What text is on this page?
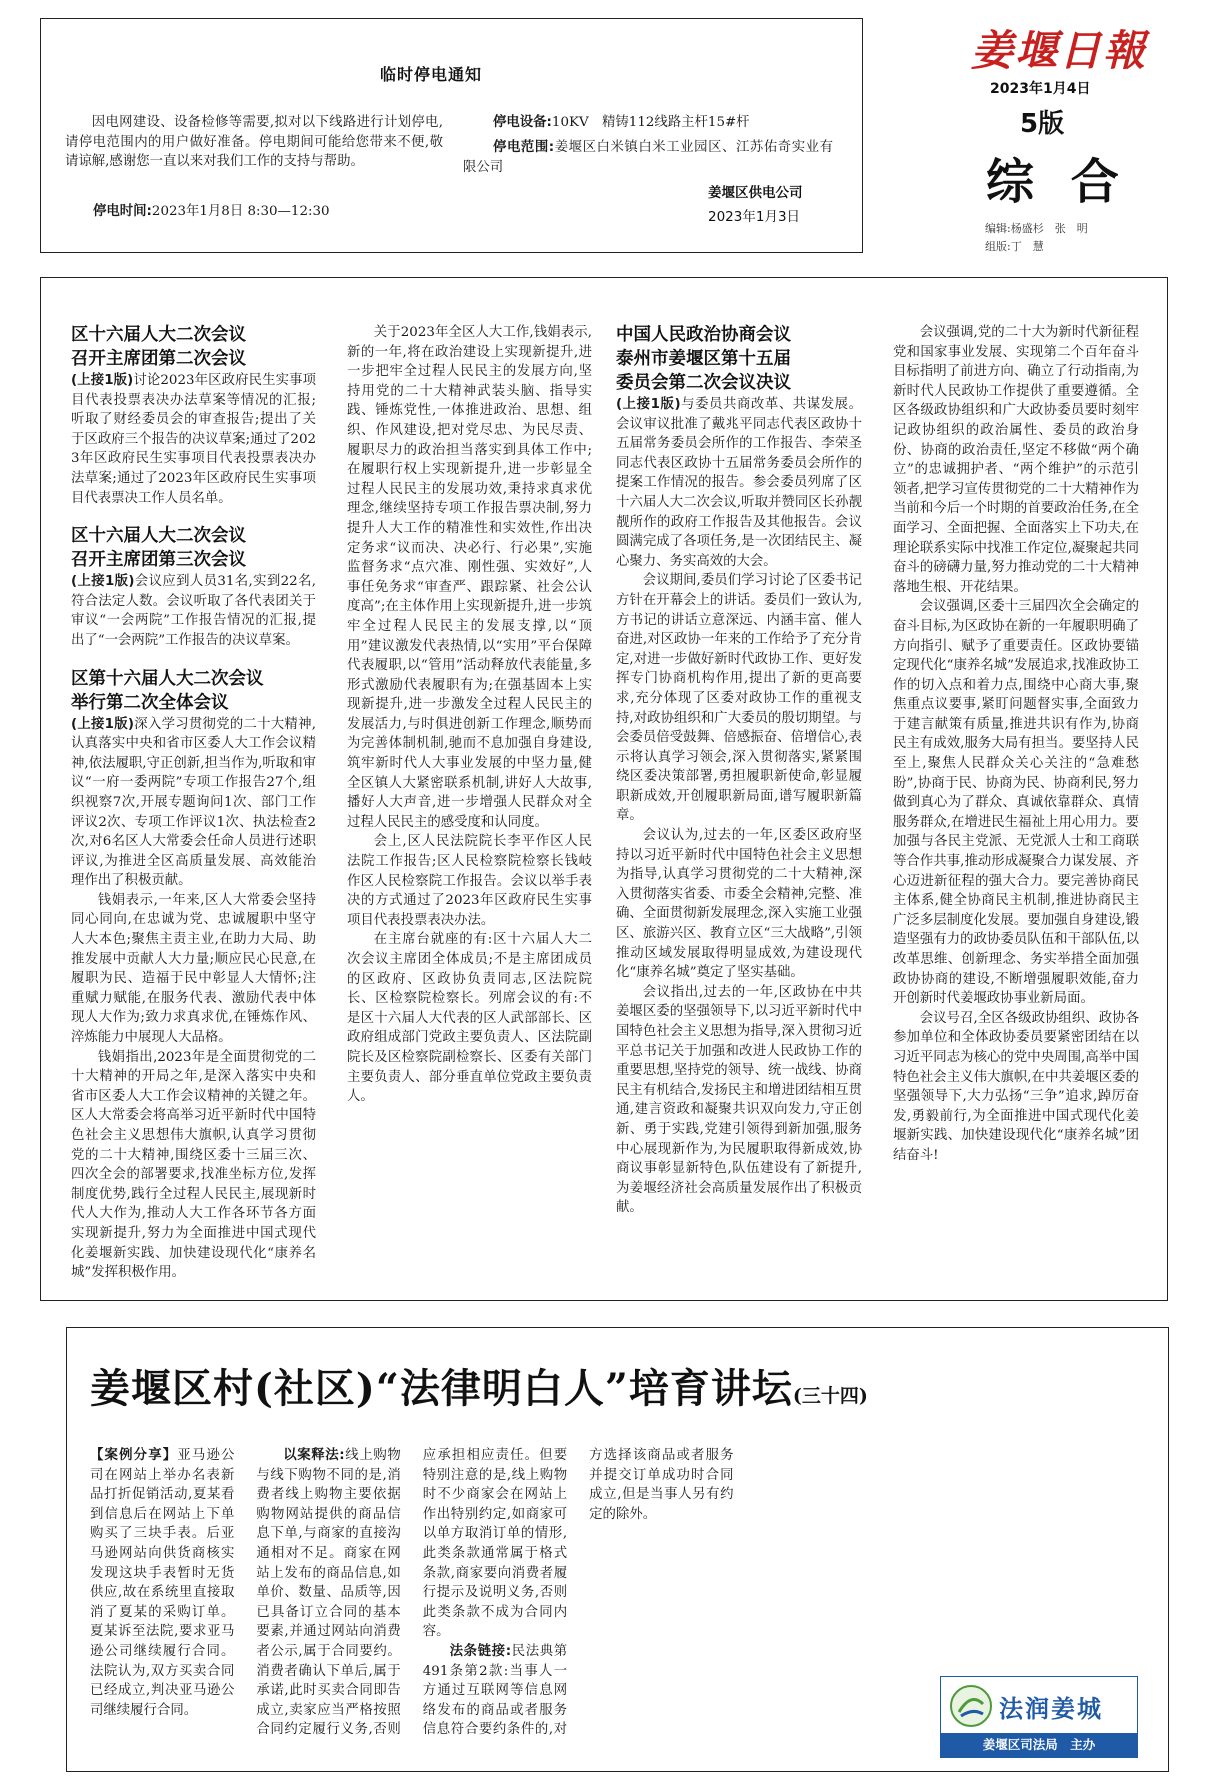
临时停电通知
因电网建设、设备检修等需要,拟对以下线路进行计划停电,请停电范围内的用户做好准备。停电期间可能给您带来不便,敬请谅解,感谢您一直以来对我们工作的支持与帮助。
停电时间:2023年1月8日 8:30—12:30
停电设备:10KV　精铸112线路主杆15#杆
停电范围:姜堰区白米镇白米工业园区、江苏佑奇实业有限公司
姜堰区供电公司
2023年1月3日
姜堰日報
2023年1月4日
5版
综 合
编辑:杨盛杉　张　明
组版:丁　慧
区十六届人大二次会议
召开主席团第二次会议
(上接1版)讨论2023年区政府民生实事项目代表投票表决办法草案等情况的汇报;听取了财经委员会的审查报告;提出了关于区政府三个报告的决议草案;通过了2023年区政府民生实事项目代表投票表决办法草案;通过了2023年区政府民生实事项目代表票决工作人员名单。
区十六届人大二次会议
召开主席团第三次会议
(上接1版)会议应到人员31名,实到22名,符合法定人数。会议听取了各代表团关于审议“一会两院”工作报告情况的汇报,提出了“一会两院”工作报告的决议草案。
区第十六届人大二次会议
举行第二次全体会议
(上接1版)深入学习贯彻党的二十大精神,认真落实中央和省市区委人大工作会议精神,依法履职,守正创新,担当作为,听取和审议“一府一委两院”专项工作报告27个,组织视察7次,开展专题询问1次、部门工作评议2次、专项工作评议1次、执法检查2次,对6名区人大常委会任命人员进行述职评议,为推进全区高质量发展、高效能治理作出了积极贡献。
钱娟表示,一年来,区人大常委会坚持同心同向,在忠诚为党、忠诚履职中坚守人大本色;聚焦主责主业,在助力大局、助推发展中贡献人大力量;顺应民心民意,在履职为民、造福于民中彰显人大情怀;注重赋力赋能,在服务代表、激励代表中体现人大作为;致力求真求优,在锤炼作风、淬炼能力中展现人大品格。
钱娟指出,2023年是全面贯彻党的二十大精神的开局之年,是深入落实中央和省市区委人大工作会议精神的关键之年。区人大常委会将高举习近平新时代中国特色社会主义思想伟大旗帜,认真学习贯彻党的二十大精神,围绕区委十三届三次、四次全会的部署要求,找准坐标方位,发挥制度优势,践行全过程人民民主,展现新时代人大作为,推动人大工作各环节各方面实现新提升,努力为全面推进中国式现代化姜堰新实践、加快建设现代化“康养名城”发挥积极作用。
关于2023年全区人大工作,钱娟表示,新的一年,将在政治建设上实现新提升,进一步把牢全过程人民民主的发展方向,坚持用党的二十大精神武装头脑、指导实践、锤炼党性,一体推进政治、思想、组织、作风建设,把对党尽忠、为民尽责、履职尽力的政治担当落实到具体工作中;在履职行权上实现新提升,进一步彰显全过程人民民主的发展功效,秉持求真求优理念,继续坚持专项工作报告票决制,努力提升人大工作的精准性和实效性,作出决定务求“议而决、决必行、行必果”,实施监督务求“点穴准、刚性强、实效好”,人事任免务求“审查严、跟踪紧、社会公认度高”;在主体作用上实现新提升,进一步筑牢全过程人民民主的发展支撑,以“顶用”建议激发代表热情,以“实用”平台保障代表履职,以“管用”活动释放代表能量,多形式激励代表履职有为;在强基固本上实现新提升,进一步激发全过程人民民主的发展活力,与时俱进创新工作理念,顺势而为完善体制机制,驰而不息加强自身建设,筑牢新时代人大事业发展的中坚力量,健全区镇人大紧密联系机制,讲好人大故事,播好人大声音,进一步增强人民群众对全过程人民民主的感受度和认同度。
会上,区人民法院院长李平作区人民法院工作报告;区人民检察院检察长钱岐作区人民检察院工作报告。会议以举手表决的方式通过了2023年区政府民生实事项目代表投票表决办法。
在主席台就座的有:区十六届人大二次会议主席团全体成员;不是主席团成员的区政府、区政协负责同志,区法院院长、区检察院检察长。列席会议的有:不是区十六届人大代表的区人武部部长、区政府组成部门党政主要负责人、区法院副院长及区检察院副检察长、区委有关部门主要负责人、部分垂直单位党政主要负责人。
中国人民政治协商会议
泰州市姜堰区第十五届
委员会第二次会议决议
(上接1版)与委员共商改革、共谋发展。会议审议批准了戴兆平同志代表区政协十五届常务委员会所作的工作报告、李荣圣同志代表区政协十五届常务委员会所作的提案工作情况的报告。参会委员列席了区十六届人大二次会议,听取并赞同区长孙靓靓所作的政府工作报告及其他报告。会议圆满完成了各项任务,是一次团结民主、凝心聚力、务实高效的大会。
会议期间,委员们学习讨论了区委书记方针在开幕会上的讲话。委员们一致认为,方书记的讲话立意深远、内涵丰富、催人奋进,对区政协一年来的工作给予了充分肯定,对进一步做好新时代政协工作、更好发挥专门协商机构作用,提出了新的更高要求,充分体现了区委对政协工作的重视支持,对政协组织和广大委员的殷切期望。与会委员倍受鼓舞、倍感振奋、倍增信心,表示将认真学习领会,深入贯彻落实,紧紧围绕区委决策部署,勇担履职新使命,彰显履职新成效,开创履职新局面,谱写履职新篇章。
会议认为,过去的一年,区委区政府坚持以习近平新时代中国特色社会主义思想为指导,认真学习贯彻党的二十大精神,深入贯彻落实省委、市委全会精神,完整、准确、全面贯彻新发展理念,深入实施工业强区、旅游兴区、教育立区“三大战略”,引领推动区域发展取得明显成效,为建设现代化“康养名城”奠定了坚实基础。
会议指出,过去的一年,区政协在中共姜堰区委的坚强领导下,以习近平新时代中国特色社会主义思想为指导,深入贯彻习近平总书记关于加强和改进人民政协工作的重要思想,坚持党的领导、统一战线、协商民主有机结合,发扬民主和增进团结相互贯通,建言资政和凝聚共识双向发力,守正创新、勇于实践,党建引领得到新加强,服务中心展现新作为,为民履职取得新成效,协商议事彰显新特色,队伍建设有了新提升,为姜堰经济社会高质量发展作出了积极贡献。
会议强调,党的二十大为新时代新征程党和国家事业发展、实现第二个百年奋斗目标指明了前进方向、确立了行动指南,为新时代人民政协工作提供了重要遵循。全区各级政协组织和广大政协委员要时刻牢记政协组织的政治属性、委员的政治身份、协商的政治责任,坚定不移做“两个确立”的忠诚拥护者、“两个维护”的示范引领者,把学习宣传贯彻党的二十大精神作为当前和今后一个时期的首要政治任务,在全面学习、全面把握、全面落实上下功夫,在理论联系实际中找准工作定位,凝聚起共同奋斗的磅礴力量,努力推动党的二十大精神落地生根、开花结果。
会议强调,区委十三届四次全会确定的奋斗目标,为区政协在新的一年履职明确了方向指引、赋予了重要责任。区政协要锚定现代化“康养名城”发展追求,找准政协工作的切入点和着力点,围绕中心商大事,聚焦重点议要事,紧盯问题督实事,全面致力于建言献策有质量,推进共识有作为,协商民主有成效,服务大局有担当。要坚持人民至上,聚焦人民群众关心关注的“急难愁盼”,协商于民、协商为民、协商利民,努力做到真心为了群众、真诚依靠群众、真情服务群众,在增进民生福祉上用心用力。要加强与各民主党派、无党派人士和工商联等合作共事,推动形成凝聚合力谋发展、齐心迈进新征程的强大合力。要完善协商民主体系,健全协商民主机制,推进协商民主广泛多层制度化发展。要加强自身建设,锻造坚强有力的政协委员队伍和干部队伍,以改革思维、创新理念、务实举措全面加强政协协商的建设,不断增强履职效能,奋力开创新时代姜堰政协事业新局面。
会议号召,全区各级政协组织、政协各参加单位和全体政协委员要紧密团结在以习近平同志为核心的党中央周围,高举中国特色社会主义伟大旗帜,在中共姜堰区委的坚强领导下,大力弘扬“三争”追求,踔厉奋发,勇毅前行,为全面推进中国式现代化姜堰新实践、加快建设现代化“康养名城”团结奋斗!
姜堰区村(社区)“法律明白人”培育讲坛(三十四)
【案例分享】亚马逊公司在网站上举办名表新品打折促销活动,夏某看到信息后在网站上下单购买了三块手表。后亚马逊网站向供货商核实发现这块手表暂时无货供应,故在系统里直接取消了夏某的采购订单。夏某诉至法院,要求亚马逊公司继续履行合同。法院认为,双方买卖合同已经成立,判决亚马逊公司继续履行合同。
以案释法:线上购物与线下购物不同的是,消费者线上购物主要依据购物网站提供的商品信息下单,与商家的直接沟通相对不足。商家在网站上发布的商品信息,如单价、数量、品质等,因已具备订立合同的基本要素,并通过网站向消费者公示,属于合同要约。消费者确认下单后,属于承诺,此时买卖合同即告成立,卖家应当严格按照合同约定履行义务,否则应承担相应责任。但要特别注意的是,线上购物时不少商家会在网站上作出特别约定,如商家可以单方取消订单的情形,此类条款通常属于格式条款,商家要向消费者履行提示及说明义务,否则此类条款不成为合同内容。
法条链接:民法典第491条第2款:当事人一方通过互联网等信息网络发布的商品或者服务信息符合要约条件的,对方选择该商品或者服务并提交订单成功时合同成立,但是当事人另有约定的除外。
法润姜城
姜堰区司法局　主办
